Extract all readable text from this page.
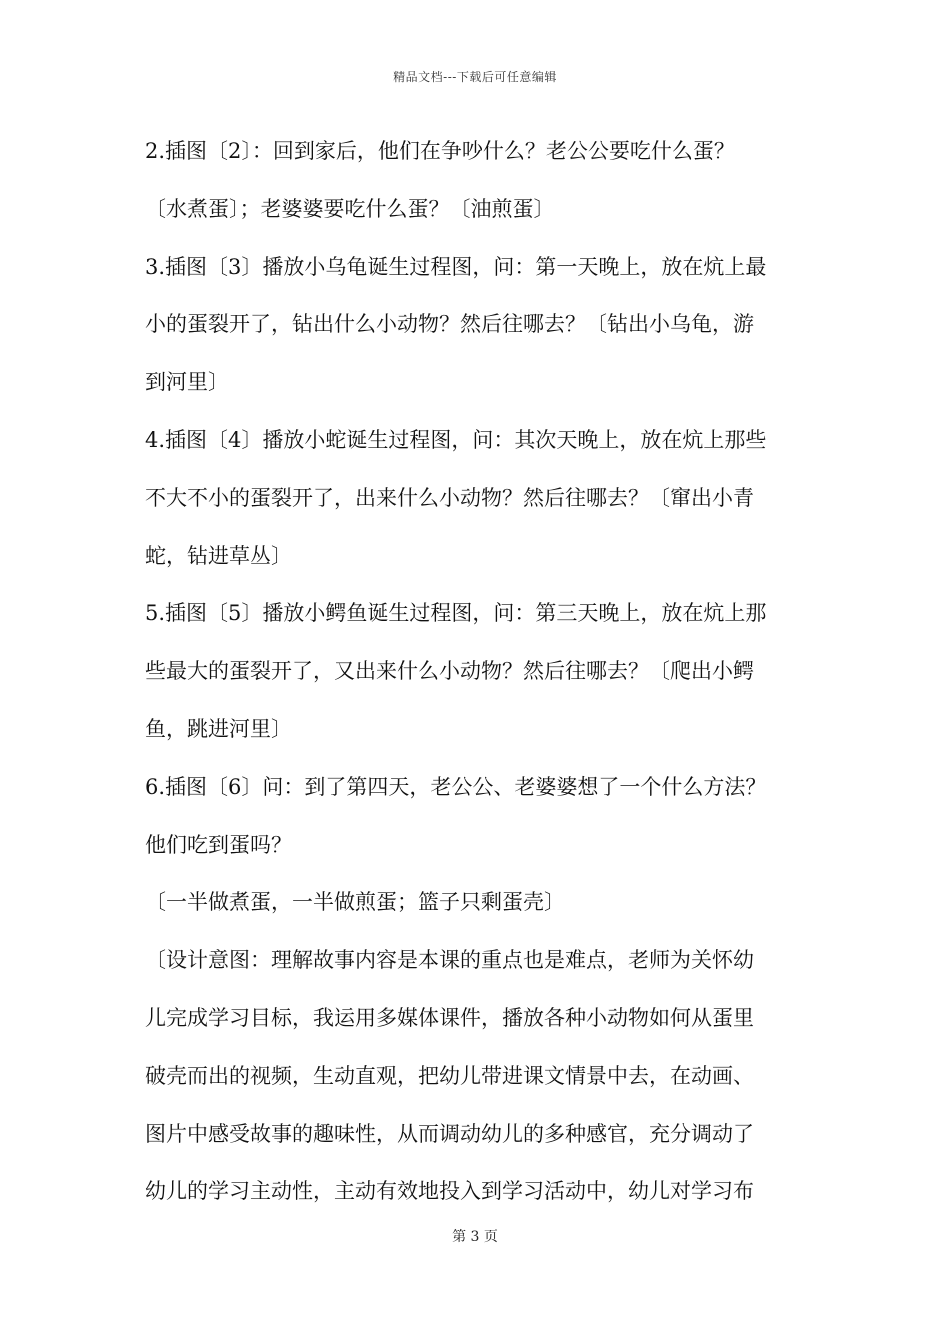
精品文档---下载后可任意编辑
2.插图〔2〕：回到家后，他们在争吵什么？老公公要吃什么蛋？
〔水煮蛋〕；老婆婆要吃什么蛋？〔油煎蛋〕
3.插图〔3〕播放小乌龟诞生过程图，问：第一天晚上，放在炕上最
小的蛋裂开了，钻出什么小动物？然后往哪去？〔钻出小乌龟，游
到河里〕
4.插图〔4〕播放小蛇诞生过程图，问：其次天晚上，放在炕上那些
不大不小的蛋裂开了，出来什么小动物？然后往哪去？〔窜出小青
蛇，钻进草丛〕
5.插图〔5〕播放小鳄鱼诞生过程图，问：第三天晚上，放在炕上那
些最大的蛋裂开了，又出来什么小动物？然后往哪去？〔爬出小鳄
鱼，跳进河里〕
6.插图〔6〕问：到了第四天，老公公、老婆婆想了一个什么方法？
他们吃到蛋吗？
〔一半做煮蛋，一半做煎蛋；篮子只剩蛋壳〕
〔设计意图：理解故事内容是本课的重点也是难点，老师为关怀幼
儿完成学习目标，我运用多媒体课件，播放各种小动物如何从蛋里
破壳而出的视频，生动直观，把幼儿带进课文情景中去，在动画、
图片中感受故事的趣味性，从而调动幼儿的多种感官，充分调动了
幼儿的学习主动性，主动有效地投入到学习活动中，幼儿对学习布
第 3 页
